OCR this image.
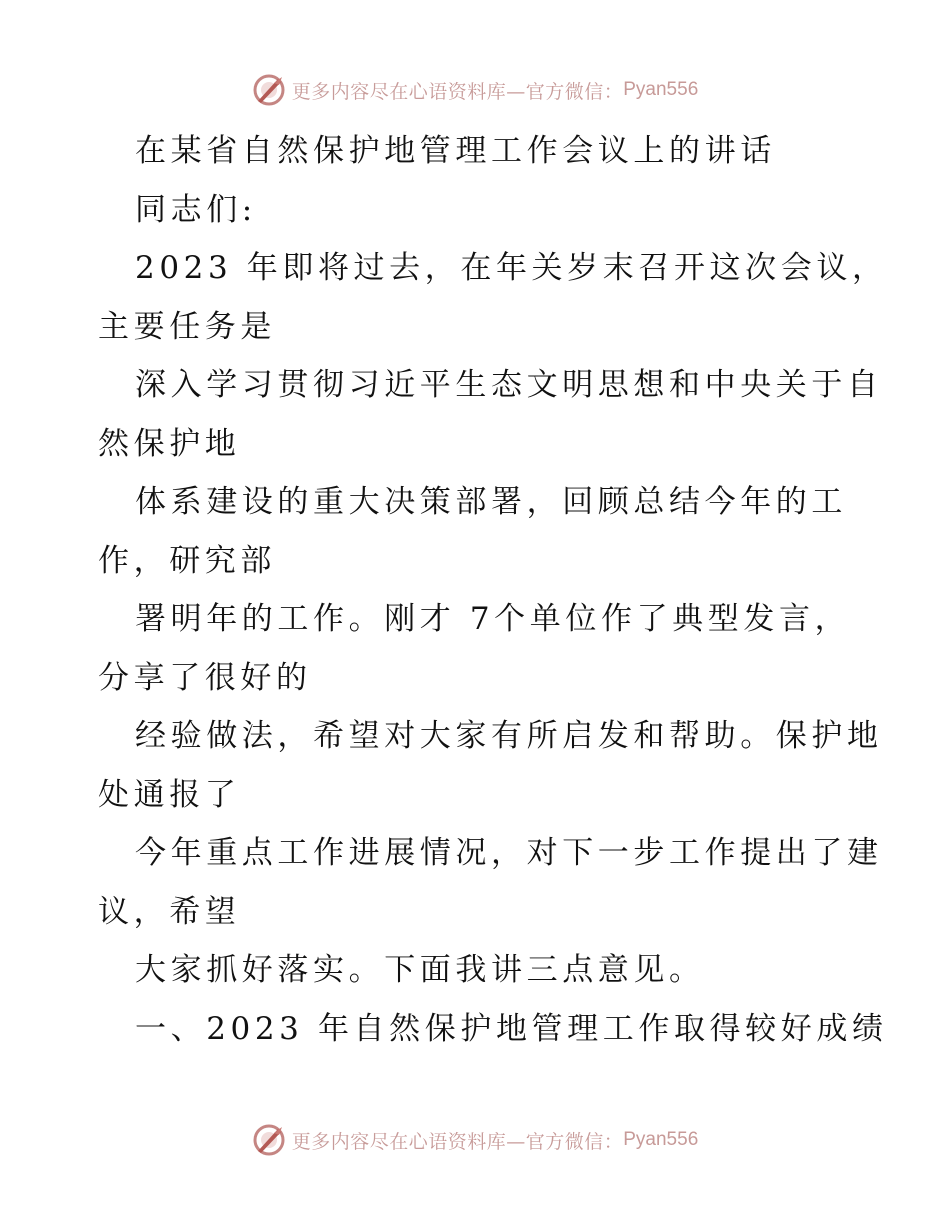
更多内容尽在心语资料库—官方微信： Pyan556
在某省自然保护地管理工作会议上的讲话
同志们:
2023 年即将过去，在年关岁末召开这次会议，
主要任务是
深入学习贯彻习近平生态文明思想和中央关于自
然保护地
体系建设的重大决策部署，回顾总结今年的工
作，研究部
署明年的工作。刚才 7个单位作了典型发言，
分享了很好的
经验做法，希望对大家有所启发和帮助。保护地
处通报了
今年重点工作进展情况，对下一步工作提出了建
议，希望
大家抓好落实。下面我讲三点意见。
一、2023 年自然保护地管理工作取得较好成绩
更多内容尽在心语资料库—官方微信： Pyan556
